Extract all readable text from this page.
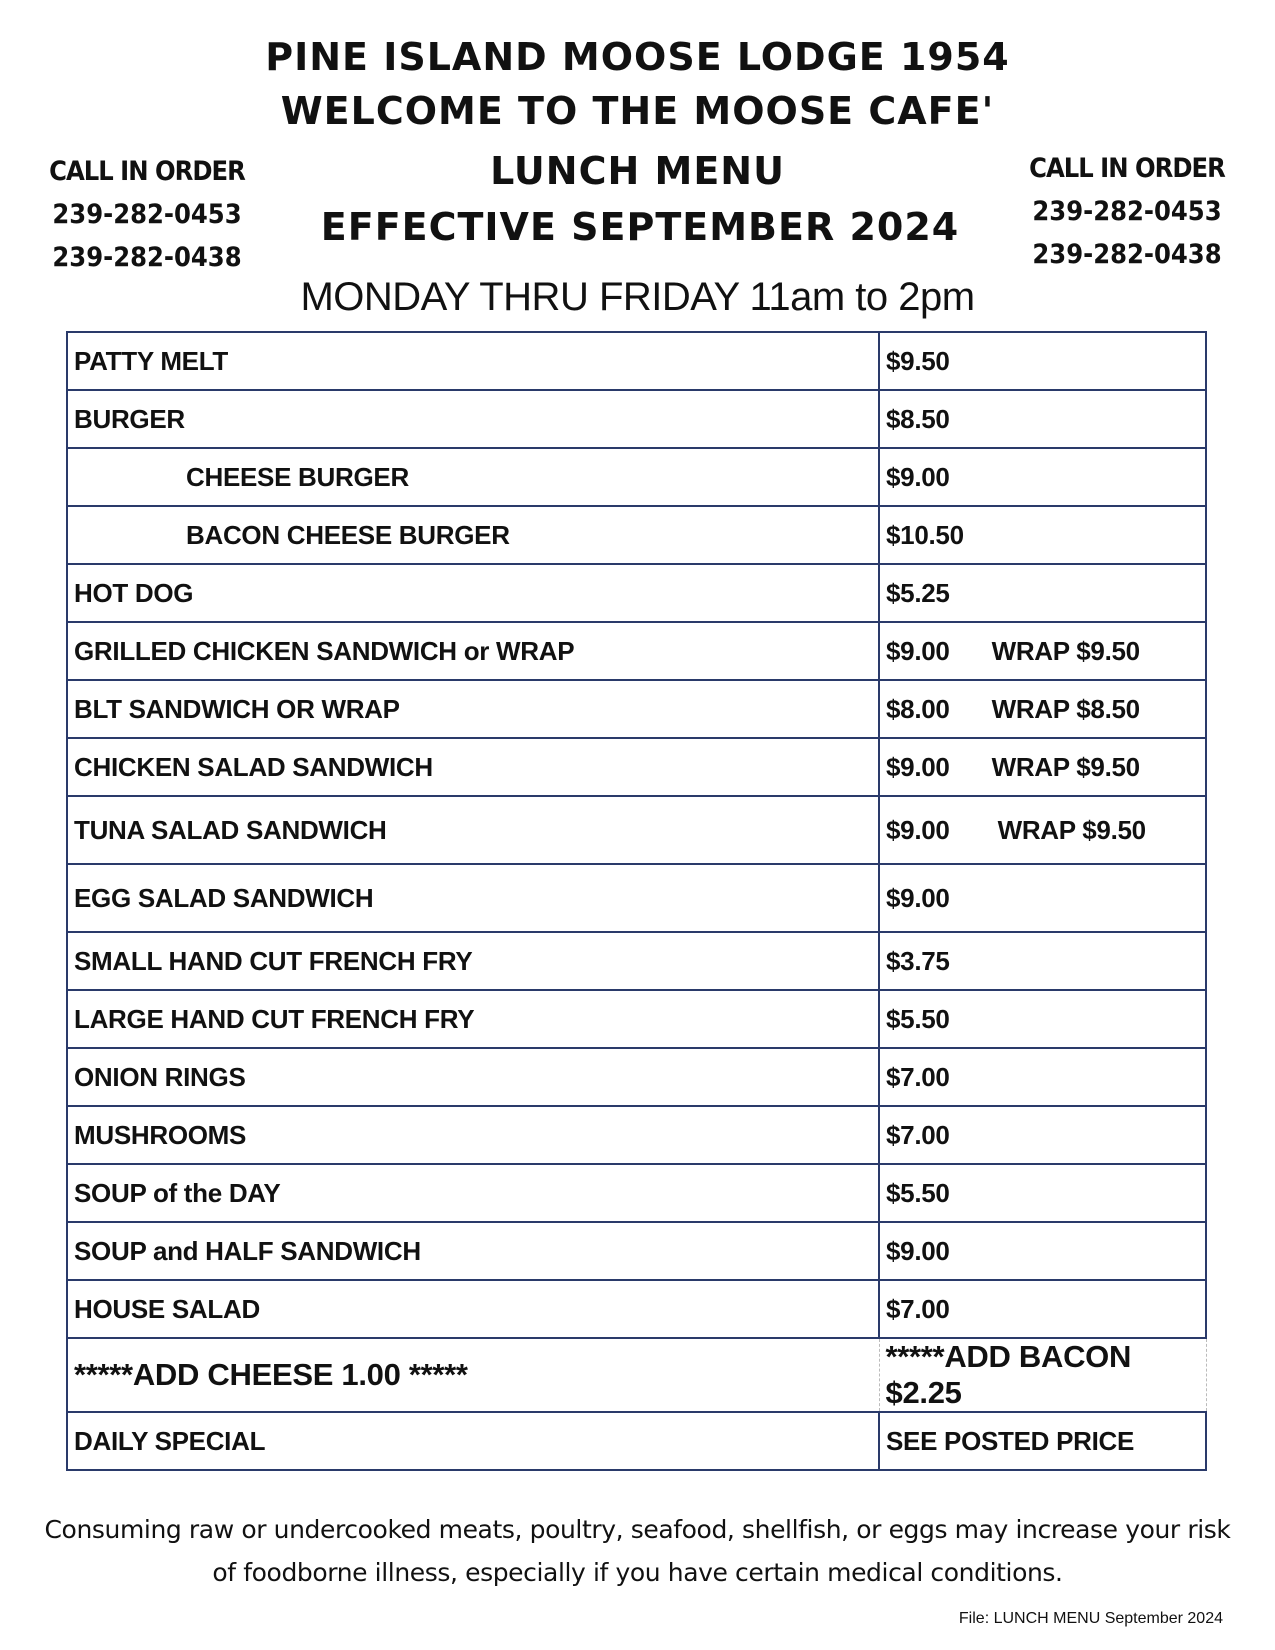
PINE ISLAND MOOSE LODGE 1954
WELCOME TO THE MOOSE CAFE'
LUNCH MENU
EFFECTIVE SEPTEMBER 2024
CALL IN ORDER
239-282-0453
239-282-0438
CALL IN ORDER
239-282-0453
239-282-0438
MONDAY THRU FRIDAY 11am to 2pm
PATTY MELT	$9.50
BURGER	$8.50
CHEESE BURGER	$9.00
BACON CHEESE BURGER	$10.50
HOT DOG	$5.25
GRILLED CHICKEN SANDWICH or WRAP	$9.00 WRAP $9.50
BLT SANDWICH OR WRAP	$8.00 WRAP $8.50
CHICKEN SALAD SANDWICH	$9.00 WRAP $9.50
TUNA SALAD SANDWICH	$9.00 WRAP $9.50
EGG SALAD SANDWICH	$9.00
SMALL HAND CUT FRENCH FRY	$3.75
LARGE HAND CUT FRENCH FRY	$5.50
ONION RINGS	$7.00
MUSHROOMS	$7.00
SOUP of the DAY	$5.50
SOUP and HALF SANDWICH	$9.00
HOUSE SALAD	$7.00
*****ADD CHEESE 1.00 *****	*****ADD BACON $2.25
DAILY SPECIAL	SEE POSTED PRICE
Consuming raw or undercooked meats, poultry, seafood, shellfish, or eggs may increase your risk
of foodborne illness, especially if you have certain medical conditions.
File: LUNCH MENU September 2024
